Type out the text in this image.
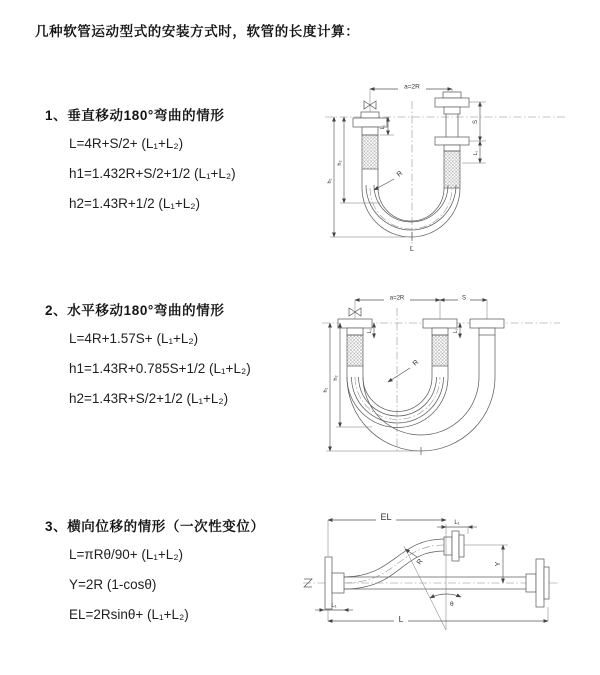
几种软管运动型式的安装方式时，软管的长度计算：
1、垂直移动180°弯曲的情形
L=4R+S/2+ (L₁+L₂)
h1=1.432R+S/2+1/2 (L₁+L₂)
h2=1.43R+1/2 (L₁+L₂)
2、水平移动180°弯曲的情形
L=4R+1.57S+ (L₁+L₂)
h1=1.43R+0.785S+1/2 (L₁+L₂)
h2=1.43R+S/2+1/2 (L₁+L₂)
3、横向位移的情形（一次性变位）
L=πRθ/90+ (L₁+L₂)
Y=2R (1-cosθ)
EL=2Rsinθ+ (L₁+L₂)
a=2R
h₁
h₂
L₁
S
L₁
R
L
a=2R	S
h₁
h₂
L₁	L₁
R
θ
R
EL
L₁
Y
L
L₁
